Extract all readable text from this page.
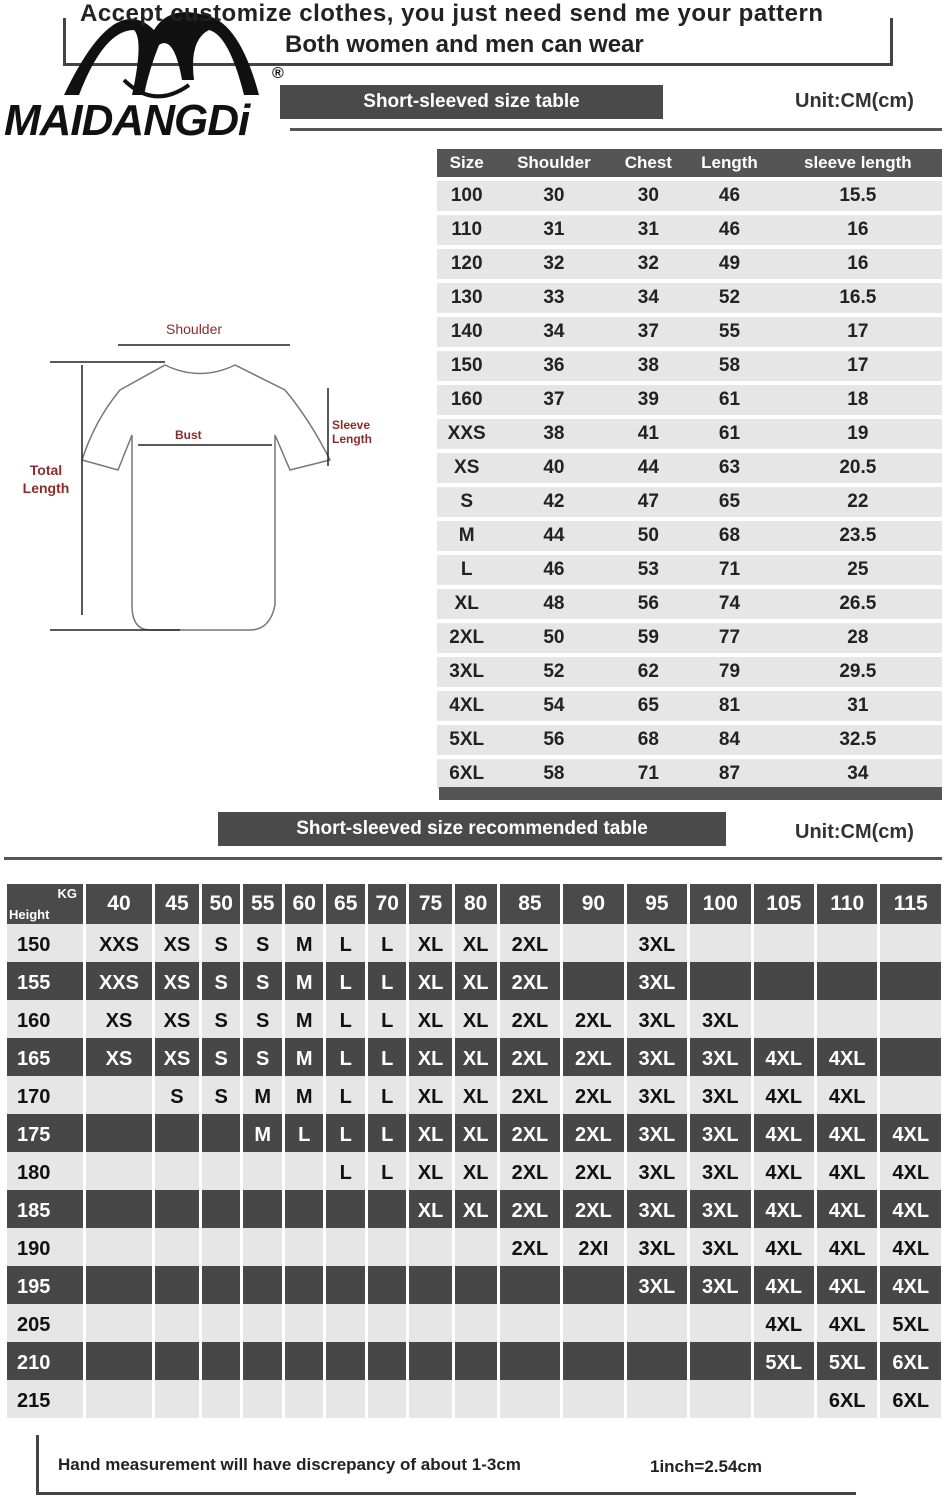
®
Accept customize clothes, you just need send me your pattern
Both women and men can wear
MAIDANGDi	Short-sleeved size table	Unit:CM(cm)
Size	Shoulder	Chest	Length	sleeve length
100	30	30	46	15.5
110	31	31	46	16
120	32	32	49	16
130	33	34	52	16.5
140	34	37	55	17
150	36	38	58	17
160	37	39	61	18
XXS	38	41	61	19
XS	40	44	63	20.5
S	42	47	65	22
M	44	50	68	23.5
L	46	53	71	25
XL	48	56	74	26.5
2XL	50	59	77	28
3XL	52	62	79	29.5
4XL	54	65	81	31
5XL	56	68	84	32.5
6XL	58	71	87	34
Shoulder
Bust
Sleeve Length
Total Length
Short-sleeved size recommended table	Unit:CM(cm)
KG
Height	40	45	50	55	60	65	70	75	80	85	90	95	100	105	110	115
150	XXS	XS	S	S	M	L	L	XL	XL	2XL		3XL				
155	XXS	XS	S	S	M	L	L	XL	XL	2XL		3XL				
160	XS	XS	S	S	M	L	L	XL	XL	2XL	2XL	3XL	3XL			
165	XS	XS	S	S	M	L	L	XL	XL	2XL	2XL	3XL	3XL	4XL	4XL	
170		S	S	M	M	L	L	XL	XL	2XL	2XL	3XL	3XL	4XL	4XL	
175				M	L	L	L	XL	XL	2XL	2XL	3XL	3XL	4XL	4XL	4XL
180						L	L	XL	XL	2XL	2XL	3XL	3XL	4XL	4XL	4XL
185								XL	XL	2XL	2XL	3XL	3XL	4XL	4XL	4XL
190										2XL	2XI	3XL	3XL	4XL	4XL	4XL
195												3XL	3XL	4XL	4XL	4XL
205														4XL	4XL	5XL
210														5XL	5XL	6XL
215															6XL	6XL
Hand measurement will have discrepancy of about 1-3cm	1inch=2.54cm
